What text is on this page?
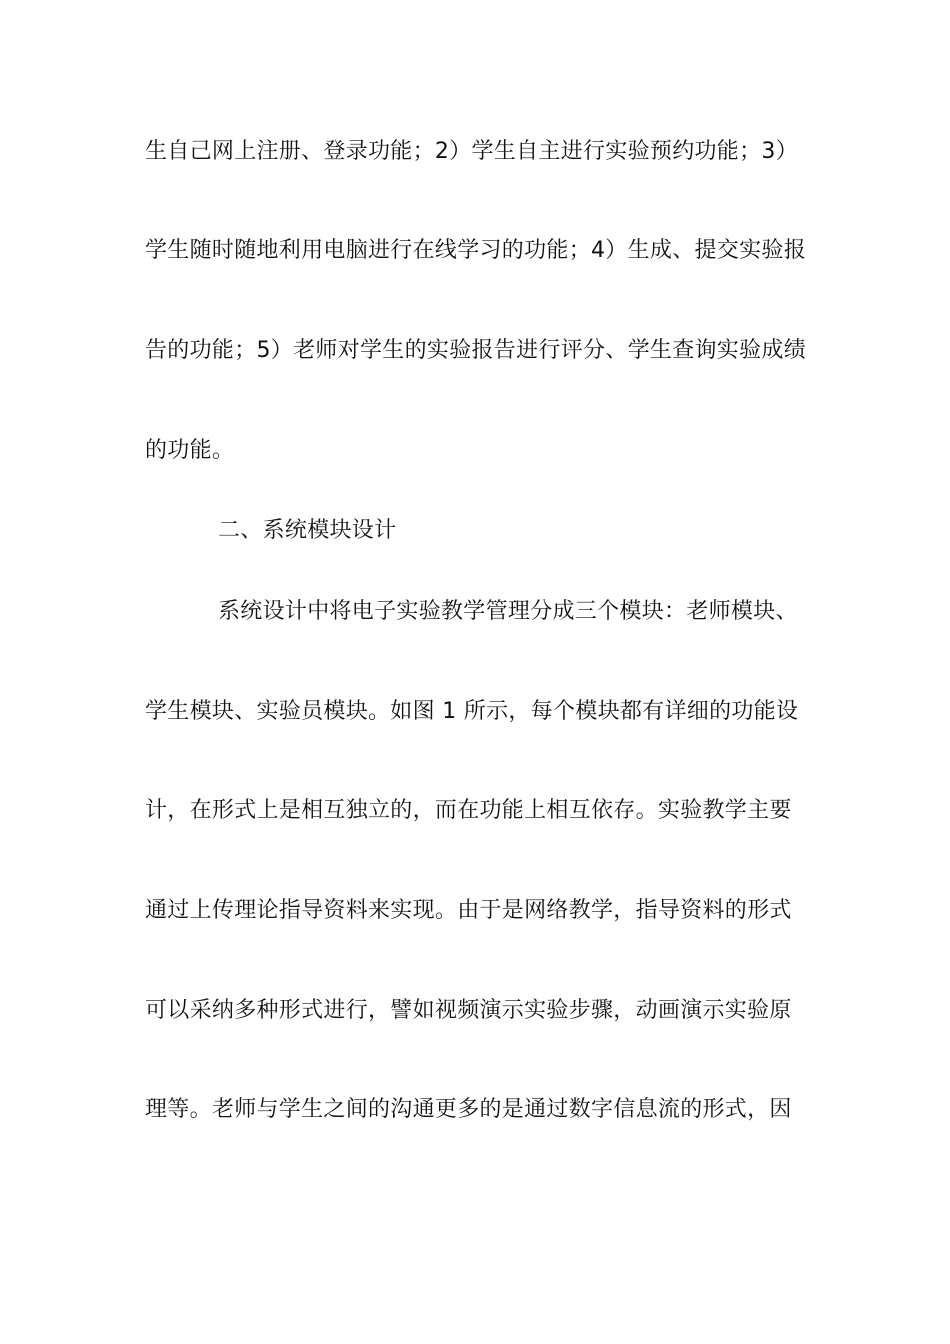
生自己网上注册、登录功能；2）学生自主进行实验预约功能；3）
学生随时随地利用电脑进行在线学习的功能；4）生成、提交实验报
告的功能；5）老师对学生的实验报告进行评分、学生查询实验成绩
的功能。
二、系统模块设计
系统设计中将电子实验教学管理分成三个模块：老师模块、
学生模块、实验员模块。如图 1 所示，每个模块都有详细的功能设
计，在形式上是相互独立的，而在功能上相互依存。实验教学主要
通过上传理论指导资料来实现。由于是网络教学，指导资料的形式
可以采纳多种形式进行，譬如视频演示实验步骤，动画演示实验原
理等。老师与学生之间的沟通更多的是通过数字信息流的形式，因
